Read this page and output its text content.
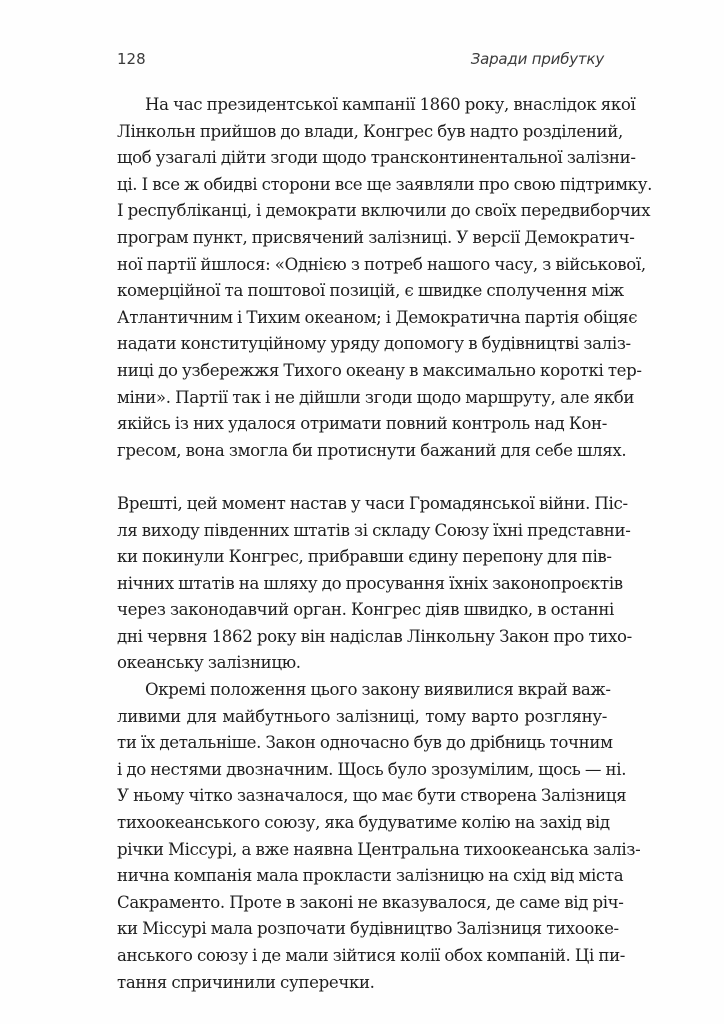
128	Заради прибутку
На час президентської кампанії 1860 року, внаслідок якої
Лінкольн прийшов до влади, Конгрес був надто розділений,
щоб узагалі дійти згоди щодо трансконтинентальної залізни-
ці. І все ж обидві сторони все ще заявляли про свою підтримку.
І республіканці, і демократи включили до своїх передвиборчих
програм пункт, присвячений залізниці. У версії Демократич-
ної партії йшлося: «Однією з потреб нашого часу, з військової,
комерційної та поштової позицій, є швидке сполучення між
Атлантичним і Тихим океаном; і Демократична партія обіцяє
надати конституційному уряду допомогу в будівництві заліз-
ниці до узбережжя Тихого океану в максимально короткі тер-
міни». Партії так і не дійшли згоди щодо маршруту, але якби
якійсь із них удалося отримати повний контроль над Кон-
гресом, вона змогла би протиснути бажаний для себе шлях.
Врешті, цей момент настав у часи Громадянської війни. Піс-
ля виходу південних штатів зі складу Союзу їхні представни-
ки покинули Конгрес, прибравши єдину перепону для пів-
нічних штатів на шляху до просування їхніх законопроєктів
через законодавчий орган. Конгрес діяв швидко, в останні
дні червня 1862 року він надіслав Лінкольну Закон про тихо-
океанську залізницю.
Окремі положення цього закону виявилися вкрай важ-
ливими для майбутнього залізниці, тому варто розгляну-
ти їх детальніше. Закон одночасно був до дрібниць точним
і до нестями двозначним. Щось було зрозумілим, щось — ні.
У ньому чітко зазначалося, що має бути створена Залізниця
тихоокеанського союзу, яка будуватиме колію на захід від
річки Міссурі, а вже наявна Центральна тихоокеанська заліз-
нична компанія мала прокласти залізницю на схід від міста
Сакраменто. Проте в законі не вказувалося, де саме від річ-
ки Міссурі мала розпочати будівництво Залізниця тихооке-
анського союзу і де мали зійтися колії обох компаній. Ці пи-
тання спричинили суперечки.
